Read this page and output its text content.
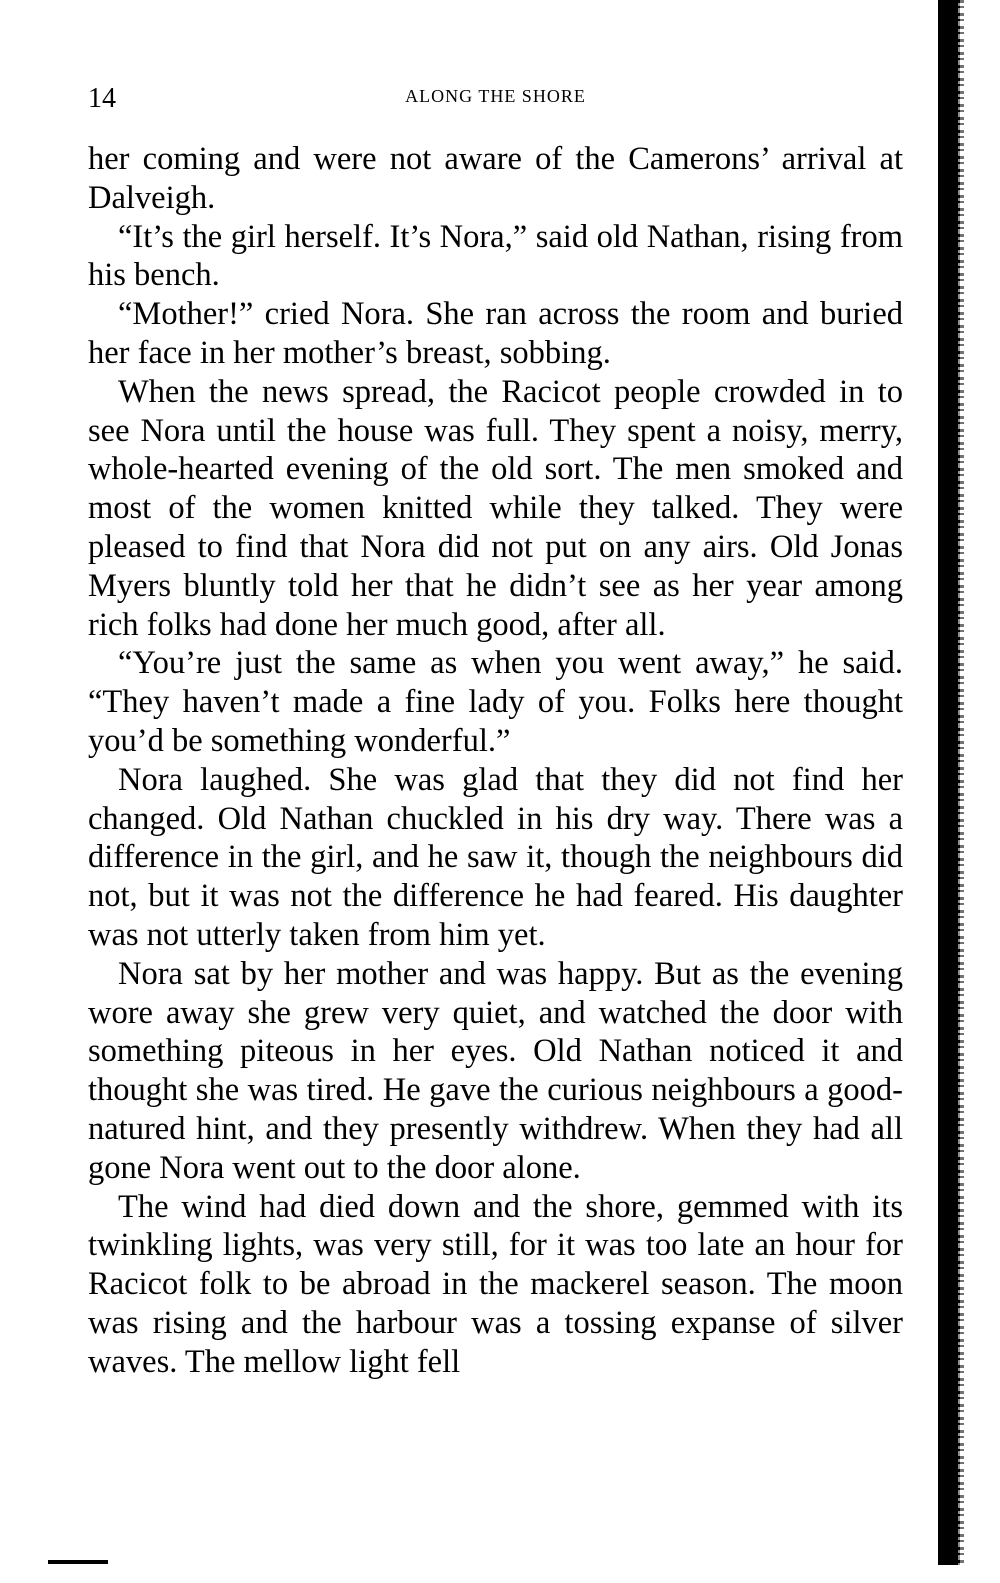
14	ALONG THE SHORE

her coming and were not aware of the Camerons’ arrival at Dalveigh.

“It’s the girl herself. It’s Nora,” said old Nathan, rising from his bench.

“Mother!” cried Nora. She ran across the room and buried her face in her mother’s breast, sobbing.

When the news spread, the Racicot people crowded in to see Nora until the house was full. They spent a noisy, merry, whole-hearted evening of the old sort. The men smoked and most of the women knitted while they talked. They were pleased to find that Nora did not put on any airs. Old Jonas Myers bluntly told her that he didn’t see as her year among rich folks had done her much good, after all.

“You’re just the same as when you went away,” he said. “They haven’t made a fine lady of you. Folks here thought you’d be something wonderful.”

Nora laughed. She was glad that they did not find her changed. Old Nathan chuckled in his dry way. There was a difference in the girl, and he saw it, though the neighbours did not, but it was not the difference he had feared. His daughter was not utterly taken from him yet.

Nora sat by her mother and was happy. But as the evening wore away she grew very quiet, and watched the door with something piteous in her eyes. Old Nathan noticed it and thought she was tired. He gave the curious neighbours a good-natured hint, and they presently withdrew. When they had all gone Nora went out to the door alone.

The wind had died down and the shore, gemmed with its twinkling lights, was very still, for it was too late an hour for Racicot folk to be abroad in the mackerel season. The moon was rising and the harbour was a tossing expanse of silver waves. The mellow light fell
